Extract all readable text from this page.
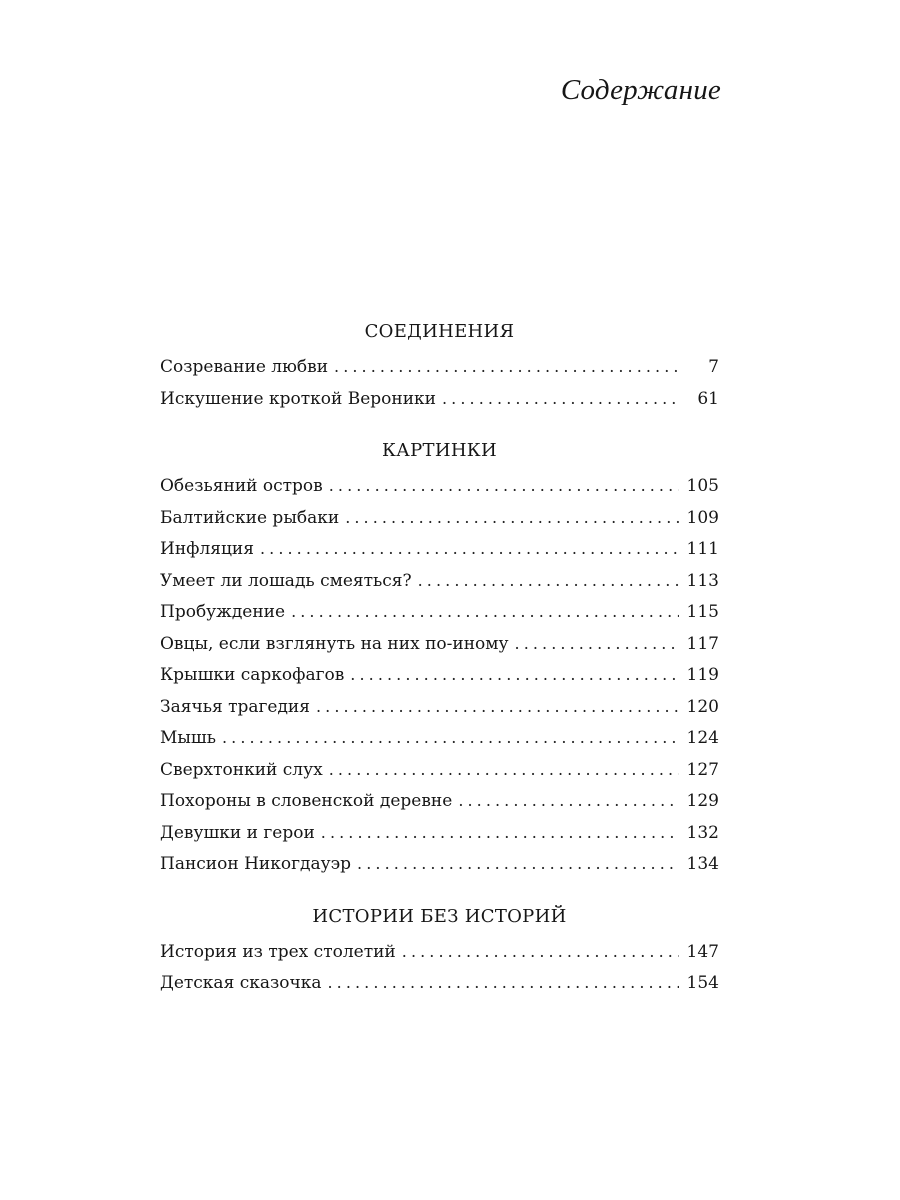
Содержание
СОЕДИНЕНИЯ
Созревание любви . . .	7
Искушение кроткой Вероники . . .	61
КАРТИНКИ
Обезьяний остров . . .	105
Балтийские рыбаки . . .	109
Инфляция . . .	111
Умеет ли лошадь смеяться? . . .	113
Пробуждение . . .	115
Овцы, если взглянуть на них по-иному . . .	117
Крышки саркофагов . . .	119
Заячья трагедия . . .	120
Мышь . . .	124
Сверхтонкий слух . . .	127
Похороны в словенской деревне . . .	129
Девушки и герои . . .	132
Пансион Никогдауэр . . .	134
ИСТОРИИ БЕЗ ИСТОРИЙ
История из трех столетий . . .	147
Детская сказочка . . .	154
